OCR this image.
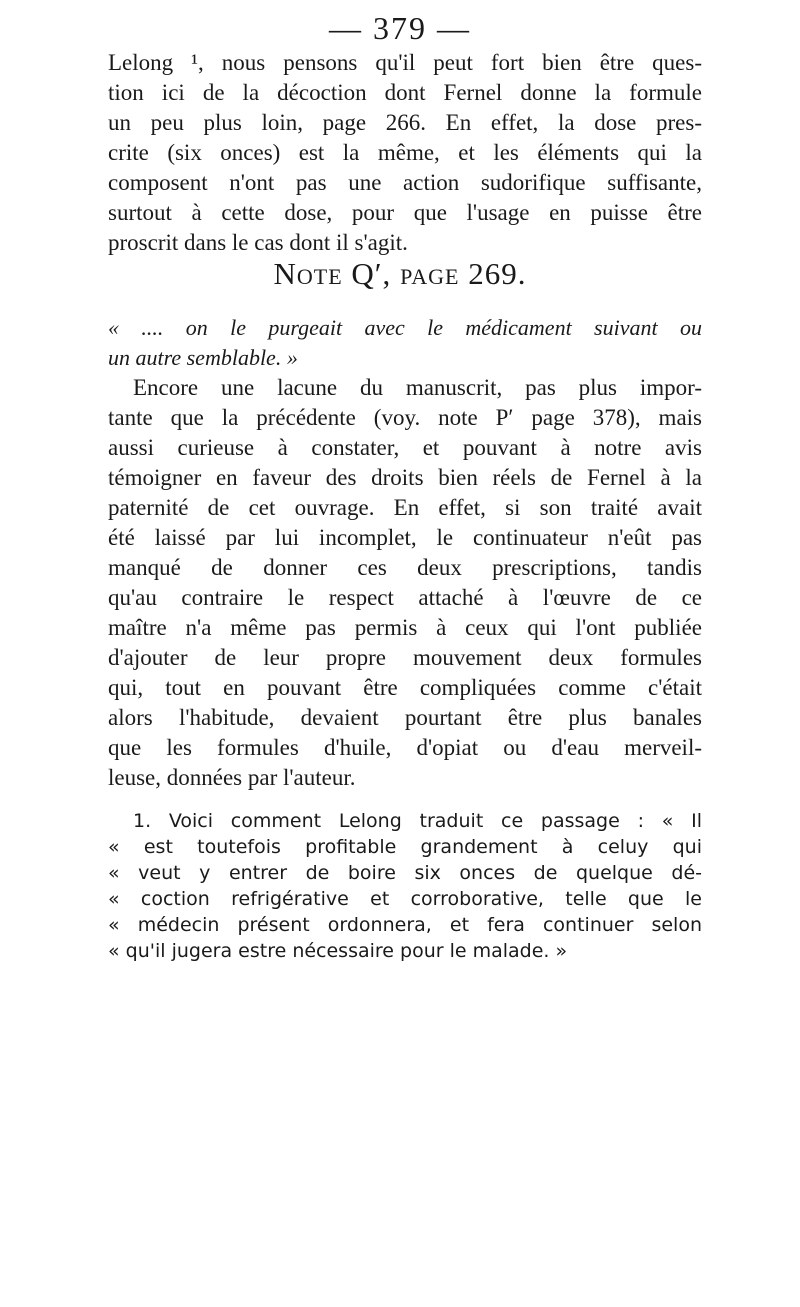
— 379 —
Lelong ¹, nous pensons qu'il peut fort bien être ques-
tion ici de la décoction dont Fernel donne la formule
un peu plus loin, page 266. En effet, la dose pres-
crite (six onces) est la même, et les éléments qui la
composent n'ont pas une action sudorifique suffisante,
surtout à cette dose, pour que l'usage en puisse être
proscrit dans le cas dont il s'agit.
NOTE Q′, PAGE 269.
« .... on le purgeait avec le médicament suivant ou
un autre semblable. »
Encore une lacune du manuscrit, pas plus impor-
tante que la précédente (voy. note P′ page 378), mais
aussi curieuse à constater, et pouvant à notre avis
témoigner en faveur des droits bien réels de Fernel à la
paternité de cet ouvrage. En effet, si son traité avait
été laissé par lui incomplet, le continuateur n'eût pas
manqué de donner ces deux prescriptions, tandis
qu'au contraire le respect attaché à l'œuvre de ce
maître n'a même pas permis à ceux qui l'ont publiée
d'ajouter de leur propre mouvement deux formules
qui, tout en pouvant être compliquées comme c'était
alors l'habitude, devaient pourtant être plus banales
que les formules d'huile, d'opiat ou d'eau merveil-
leuse, données par l'auteur.
1. Voici comment Lelong traduit ce passage : « Il
« est toutefois profitable grandement à celuy qui
« veut y entrer de boire six onces de quelque dé-
« coction refrigérative et corroborative, telle que le
« médecin présent ordonnera, et fera continuer selon
« qu'il jugera estre nécessaire pour le malade. »
